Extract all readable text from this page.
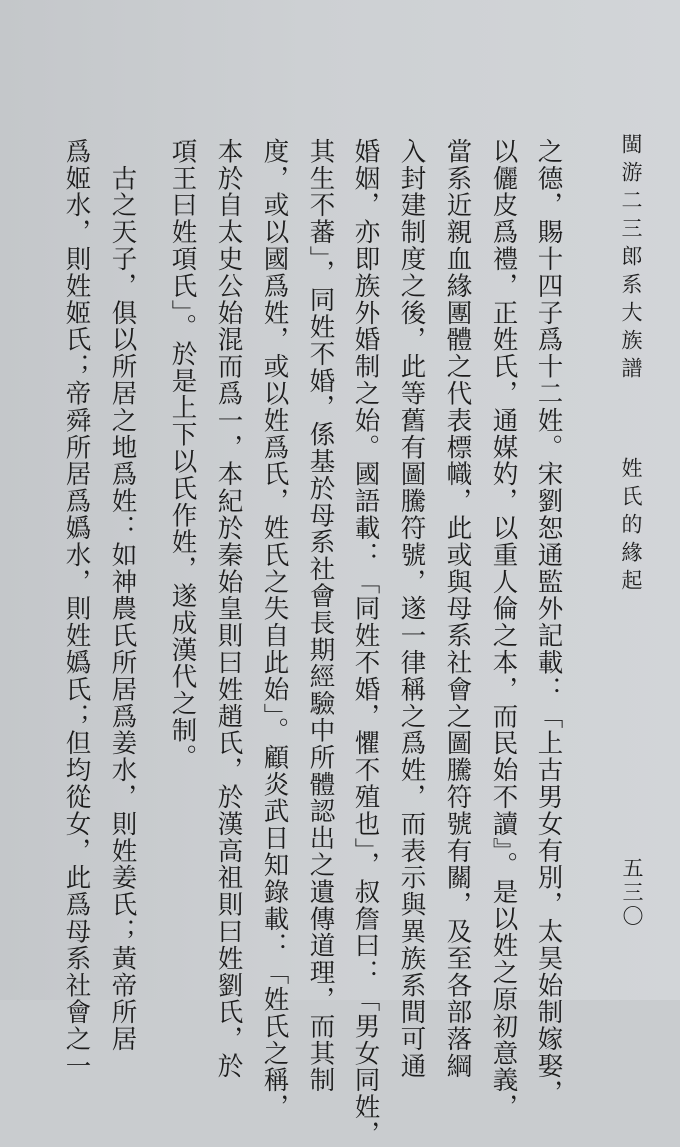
閩游二三郎系大族譜
姓氏的緣起
五三〇
之德，賜十四子爲十二姓。宋劉恕通監外記載：「上古男女有別，太昊始制嫁娶，
以儷皮爲禮，正姓氏，通媒妁，以重人倫之本，而民始不讀』。是以姓之原初意義，
當系近親血緣團體之代表標幟，此或與母系社會之圖騰符號有關，及至各部落綱
入封建制度之後，此等舊有圖騰符號，遂一律稱之爲姓，而表示與異族系間可通
婚姻，亦即族外婚制之始。國語載：「同姓不婚，懼不殖也」，叔詹曰：「男女同姓，
其生不蕃」，同姓不婚，係基於母系社會長期經驗中所體認出之遺傳道理，而其制
度，或以國爲姓，或以姓爲氏，姓氏之失自此始」。顧炎武日知錄載：「姓氏之稱，
本於自太史公始混而爲一，本紀於秦始皇則曰姓趙氏，於漢高祖則曰姓劉氏，於
項王曰姓項氏」。於是上下以氏作姓，遂成漢代之制。
　古之天子，俱以所居之地爲姓：如神農氏所居爲姜水，則姓姜氏；黃帝所居
爲姬水，則姓姬氏；帝舜所居爲嬀水，則姓嬀氏；但均從女，此爲母系社會之一
